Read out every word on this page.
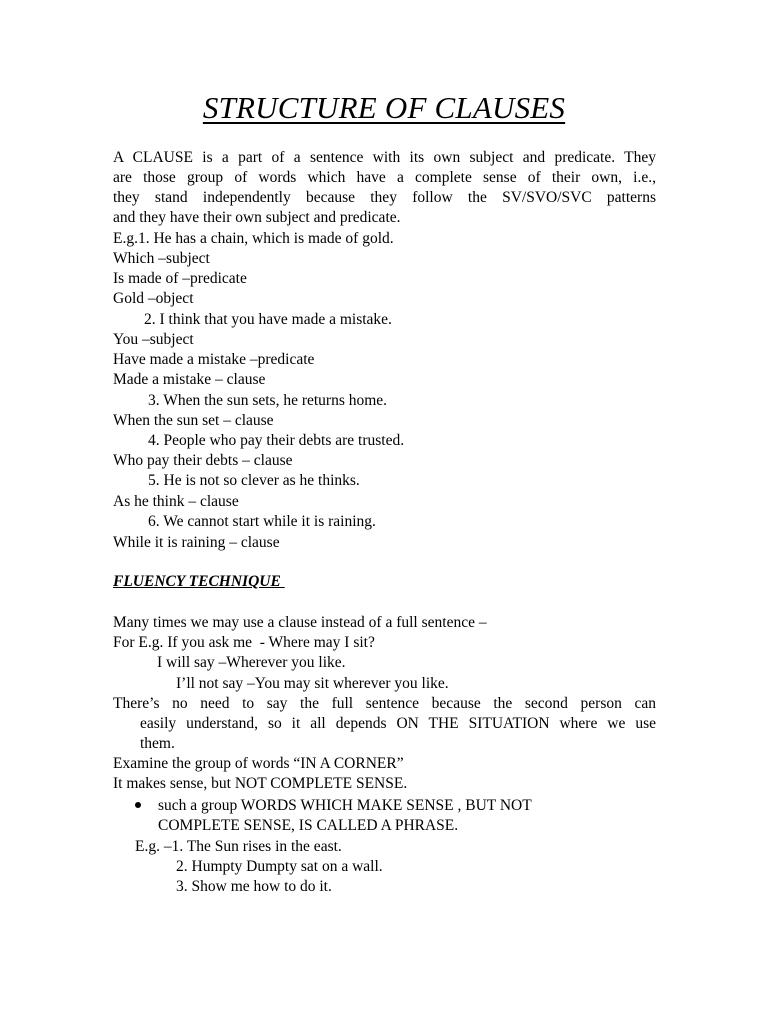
STRUCTURE OF CLAUSES
A CLAUSE is a part of a sentence with its own subject and predicate. They
are those group of words which have a complete sense of their own, i.e.,
they stand independently because they follow the SV/SVO/SVC patterns
and they have their own subject and predicate.
E.g.1. He has a chain, which is made of gold.
Which –subject
Is made of –predicate
Gold –object
2. I think that you have made a mistake.
You –subject
Have made a mistake –predicate
Made a mistake – clause
3. When the sun sets, he returns home.
When the sun set – clause
4. People who pay their debts are trusted.
Who pay their debts – clause
5. He is not so clever as he thinks.
As he think – clause
6. We cannot start while it is raining.
While it is raining – clause
FLUENCY TECHNIQUE
Many times we may use a clause instead of a full sentence –
For E.g. If you ask me  - Where may I sit?
I will say –Wherever you like.
I’ll not say –You may sit wherever you like.
There’s no need to say the full sentence because the second person can
easily understand, so it all depends ON THE SITUATION where we use
them.
Examine the group of words “IN A CORNER”
It makes sense, but NOT COMPLETE SENSE.
such a group WORDS WHICH MAKE SENSE , BUT NOT
COMPLETE SENSE, IS CALLED A PHRASE.
E.g. –1. The Sun rises in the east.
2. Humpty Dumpty sat on a wall.
3. Show me how to do it.
